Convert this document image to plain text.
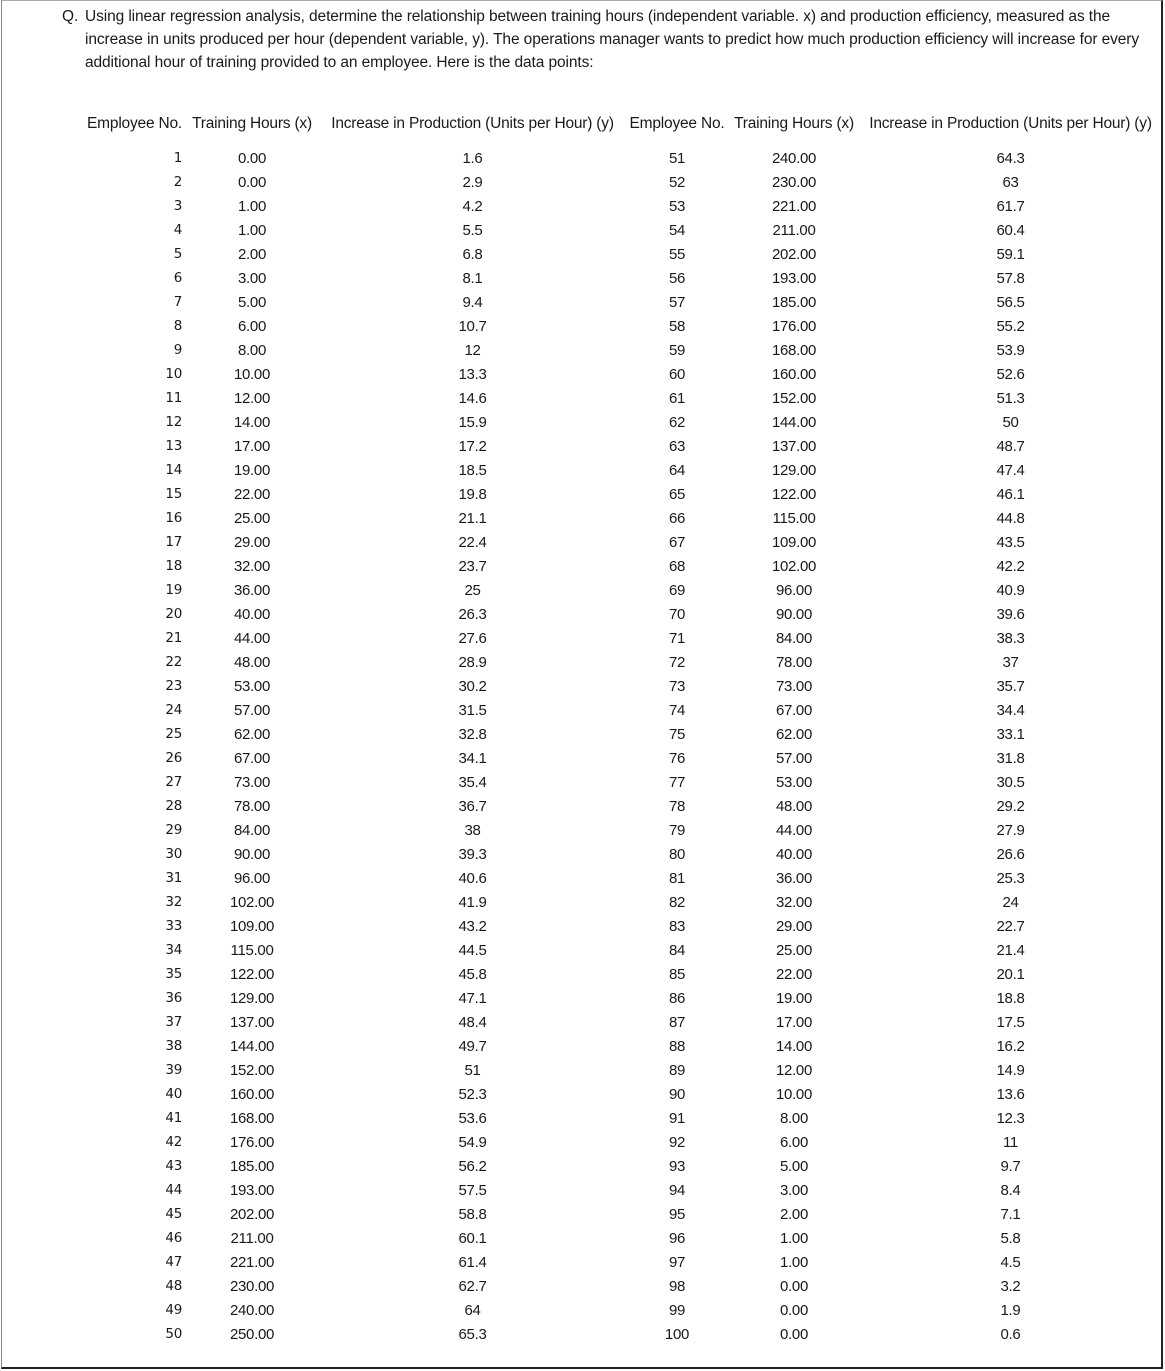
Q. Using linear regression analysis, determine the relationship between training hours (independent variable. x) and production efficiency, measured as the increase in units produced per hour (dependent variable, y). The operations manager wants to predict how much production efficiency will increase for every additional hour of training provided to an employee. Here is the data points:
Employee No.	Training Hours (x)	Increase in Production (Units per Hour) (y)	Employee No.	Training Hours (x)	Increase in Production (Units per Hour) (y)

1	0.00	1.6	51	240.00	64.3
2	0.00	2.9	52	230.00	63
3	1.00	4.2	53	221.00	61.7
4	1.00	5.5	54	211.00	60.4
5	2.00	6.8	55	202.00	59.1
6	3.00	8.1	56	193.00	57.8
7	5.00	9.4	57	185.00	56.5
8	6.00	10.7	58	176.00	55.2
9	8.00	12	59	168.00	53.9
10	10.00	13.3	60	160.00	52.6
11	12.00	14.6	61	152.00	51.3
12	14.00	15.9	62	144.00	50
13	17.00	17.2	63	137.00	48.7
14	19.00	18.5	64	129.00	47.4
15	22.00	19.8	65	122.00	46.1
16	25.00	21.1	66	115.00	44.8
17	29.00	22.4	67	109.00	43.5
18	32.00	23.7	68	102.00	42.2
19	36.00	25	69	96.00	40.9
20	40.00	26.3	70	90.00	39.6
21	44.00	27.6	71	84.00	38.3
22	48.00	28.9	72	78.00	37
23	53.00	30.2	73	73.00	35.7
24	57.00	31.5	74	67.00	34.4
25	62.00	32.8	75	62.00	33.1
26	67.00	34.1	76	57.00	31.8
27	73.00	35.4	77	53.00	30.5
28	78.00	36.7	78	48.00	29.2
29	84.00	38	79	44.00	27.9
30	90.00	39.3	80	40.00	26.6
31	96.00	40.6	81	36.00	25.3
32	102.00	41.9	82	32.00	24
33	109.00	43.2	83	29.00	22.7
34	115.00	44.5	84	25.00	21.4
35	122.00	45.8	85	22.00	20.1
36	129.00	47.1	86	19.00	18.8
37	137.00	48.4	87	17.00	17.5
38	144.00	49.7	88	14.00	16.2
39	152.00	51	89	12.00	14.9
40	160.00	52.3	90	10.00	13.6
41	168.00	53.6	91	8.00	12.3
42	176.00	54.9	92	6.00	11
43	185.00	56.2	93	5.00	9.7
44	193.00	57.5	94	3.00	8.4
45	202.00	58.8	95	2.00	7.1
46	211.00	60.1	96	1.00	5.8
47	221.00	61.4	97	1.00	4.5
48	230.00	62.7	98	0.00	3.2
49	240.00	64	99	0.00	1.9
50	250.00	65.3	100	0.00	0.6
